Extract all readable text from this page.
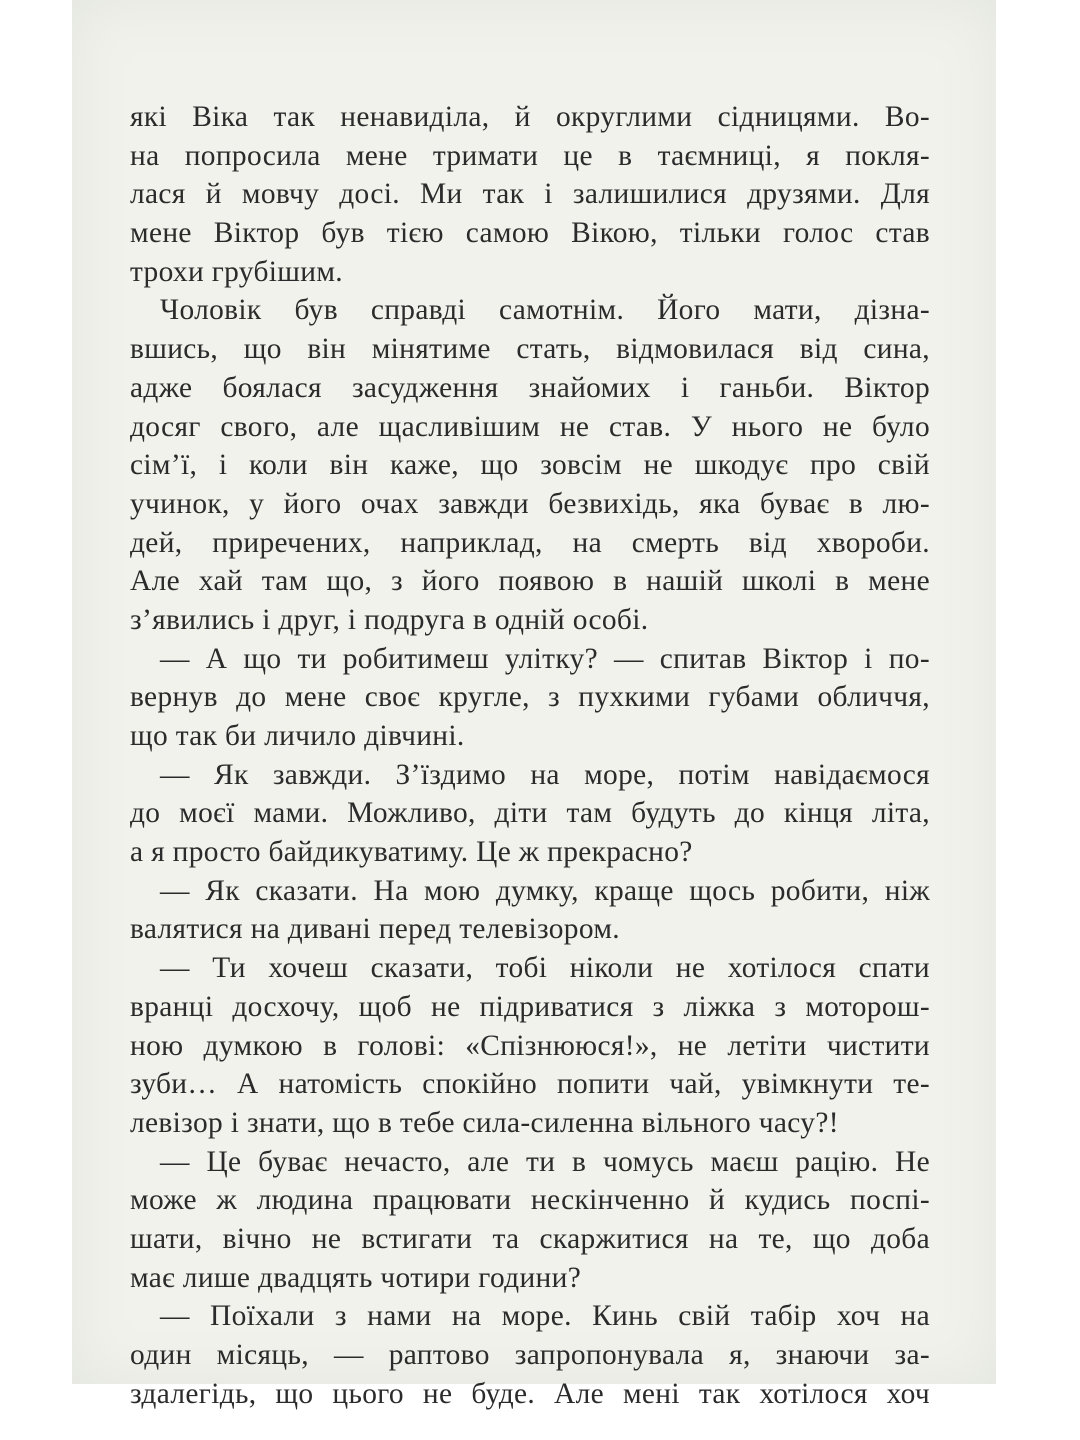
які Віка так ненавиділа, й округлими сідницями. Во-
на попросила мене тримати це в таємниці, я покля-
лася й мовчу досі. Ми так і залишилися друзями. Для
мене Віктор був тією самою Вікою, тільки голос став
трохи грубішим.
Чоловік був справді самотнім. Його мати, дізна-
вшись, що він мінятиме стать, відмовилася від сина,
адже боялася засудження знайомих і ганьби. Віктор
досяг свого, але щасливішим не став. У нього не було
сім’ї, і коли він каже, що зовсім не шкодує про свій
учинок, у його очах завжди безвихідь, яка буває в лю-
дей, приречених, наприклад, на смерть від хвороби.
Але хай там що, з його появою в нашій школі в мене
з’явились і друг, і подруга в одній особі.
— А що ти робитимеш улітку? — спитав Віктор і по-
вернув до мене своє кругле, з пухкими губами обличчя,
що так би личило дівчині.
— Як завжди. З’їздимо на море, потім навідаємося
до моєї мами. Можливо, діти там будуть до кінця літа,
а я просто байдикуватиму. Це ж прекрасно?
— Як сказати. На мою думку, краще щось робити, ніж
валятися на дивані перед телевізором.
— Ти хочеш сказати, тобі ніколи не хотілося спати
вранці досхочу, щоб не підриватися з ліжка з моторош-
ною думкою в голові: «Спізнююся!», не летіти чистити
зуби… А натомість спокійно попити чай, увімкнути те-
левізор і знати, що в тебе сила-силенна вільного часу?!
— Це буває нечасто, але ти в чомусь маєш рацію. Не
може ж людина працювати нескінченно й кудись поспі-
шати, вічно не встигати та скаржитися на те, що доба
має лише двадцять чотири години?
— Поїхали з нами на море. Кинь свій табір хоч на
один місяць, — раптово запропонувала я, знаючи за-
здалегідь, що цього не буде. Але мені так хотілося хоч
